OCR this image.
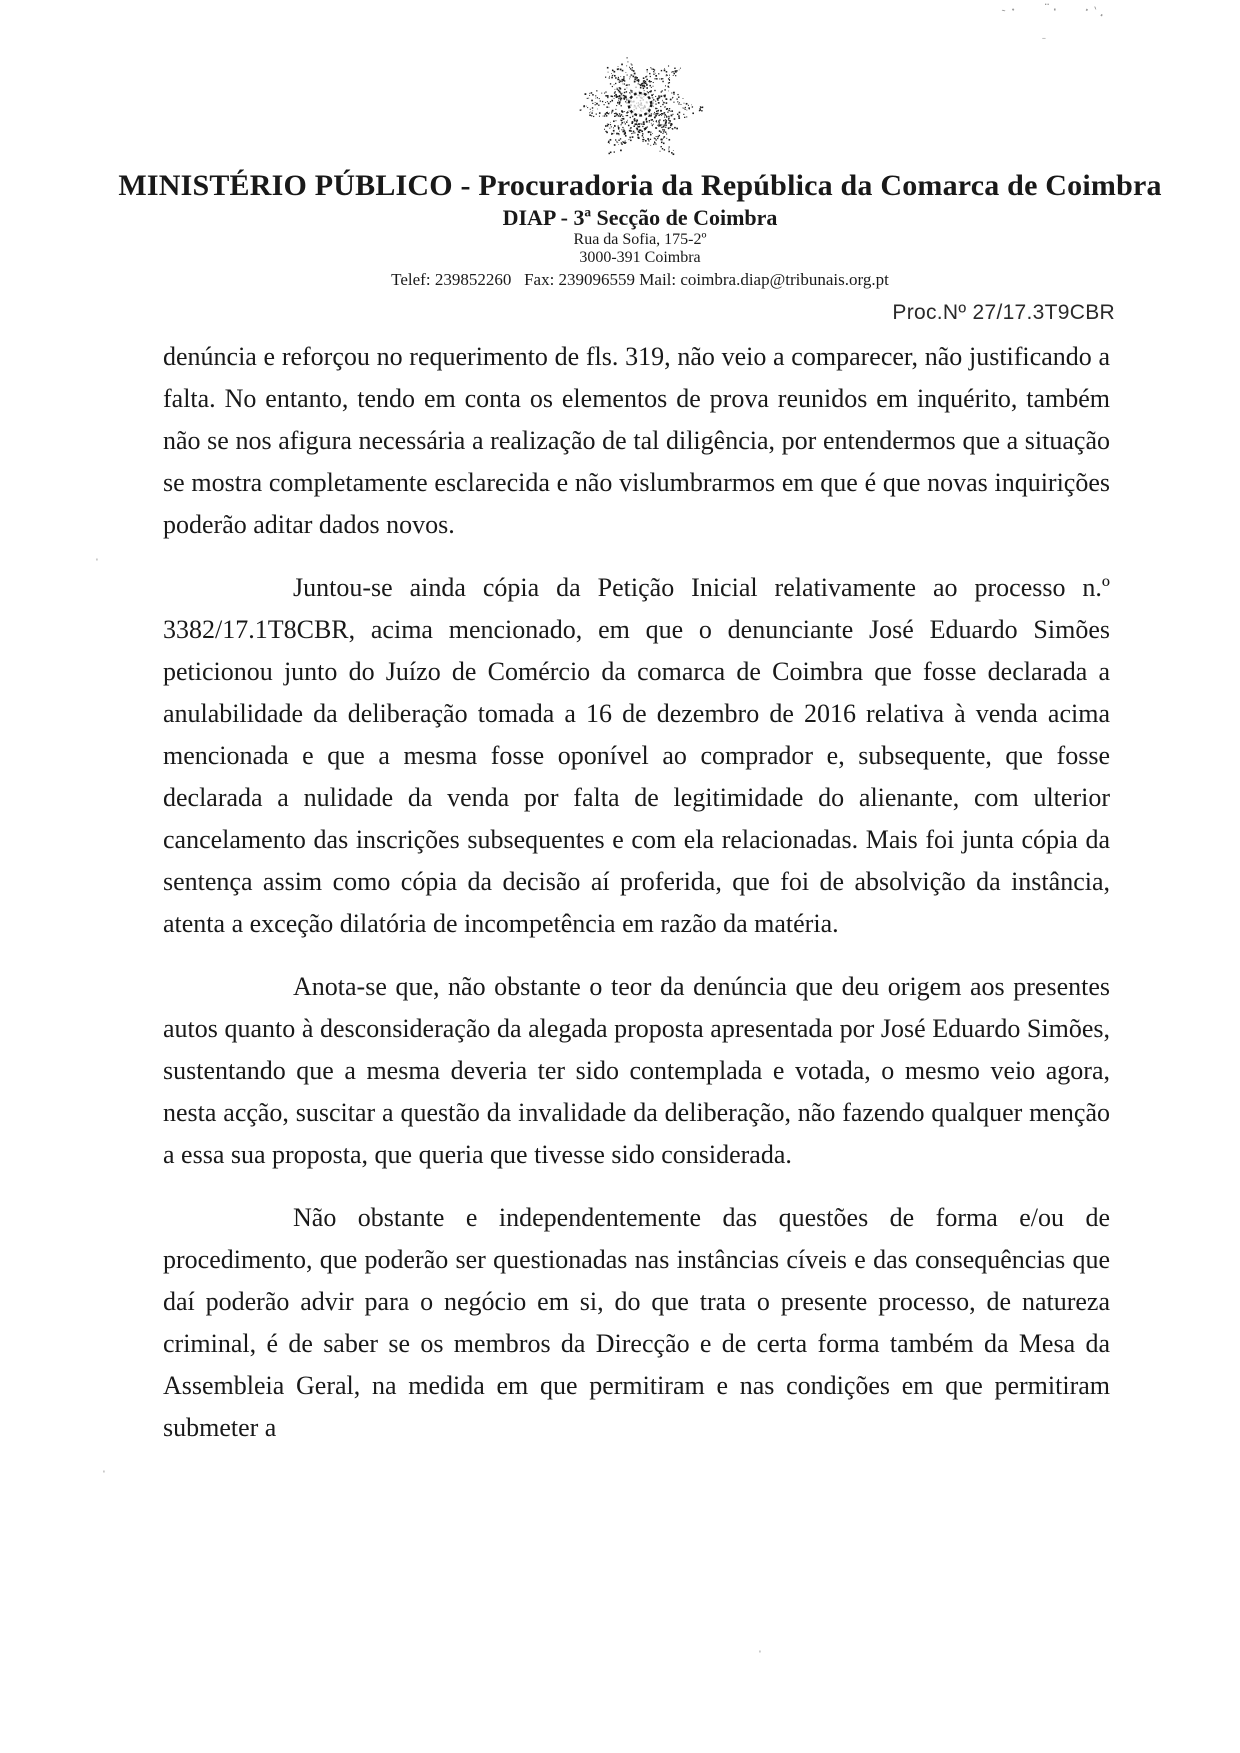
`· ¨· ·`·
-
·
·
·
MINISTÉRIO PÚBLICO - Procuradoria da República da Comarca de Coimbra
DIAP - 3ª Secção de Coimbra
Rua da Sofia, 175-2º
3000-391 Coimbra
Telef: 239852260   Fax: 239096559 Mail: coimbra.diap@tribunais.org.pt
Proc.Nº 27/17.3T9CBR

denúncia e reforçou no requerimento de fls. 319, não veio a comparecer, não justificando a falta. No entanto, tendo em conta os elementos de prova reunidos em inquérito, também não se nos afigura necessária a realização de tal diligência, por entendermos que a situação se mostra completamente esclarecida e não vislumbrarmos em que é que novas inquirições poderão aditar dados novos.

Juntou-se ainda cópia da Petição Inicial relativamente ao processo n.º 3382/17.1T8CBR, acima mencionado, em que o denunciante José Eduardo Simões peticionou junto do Juízo de Comércio da comarca de Coimbra que fosse declarada a anulabilidade da deliberação tomada a 16 de dezembro de 2016 relativa à venda acima mencionada e que a mesma fosse oponível ao comprador e, subsequente, que fosse declarada a nulidade da venda por falta de legitimidade do alienante, com ulterior cancelamento das inscrições subsequentes e com ela relacionadas. Mais foi junta cópia da sentença assim como cópia da decisão aí proferida, que foi de absolvição da instância, atenta a exceção dilatória de incompetência em razão da matéria.

Anota-se que, não obstante o teor da denúncia que deu origem aos presentes autos quanto à desconsideração da alegada proposta apresentada por José Eduardo Simões, sustentando que a mesma deveria ter sido contemplada e votada, o mesmo veio agora, nesta acção, suscitar a questão da invalidade da deliberação, não fazendo qualquer menção a essa sua proposta, que queria que tivesse sido considerada.

Não obstante e independentemente das questões de forma e/ou de procedimento, que poderão ser questionadas nas instâncias cíveis e das consequências que daí poderão advir para o negócio em si, do que trata o presente processo, de natureza criminal, é de saber se os membros da Direcção e de certa forma também da Mesa da Assembleia Geral, na medida em que permitiram e nas condições em que permitiram submeter a
